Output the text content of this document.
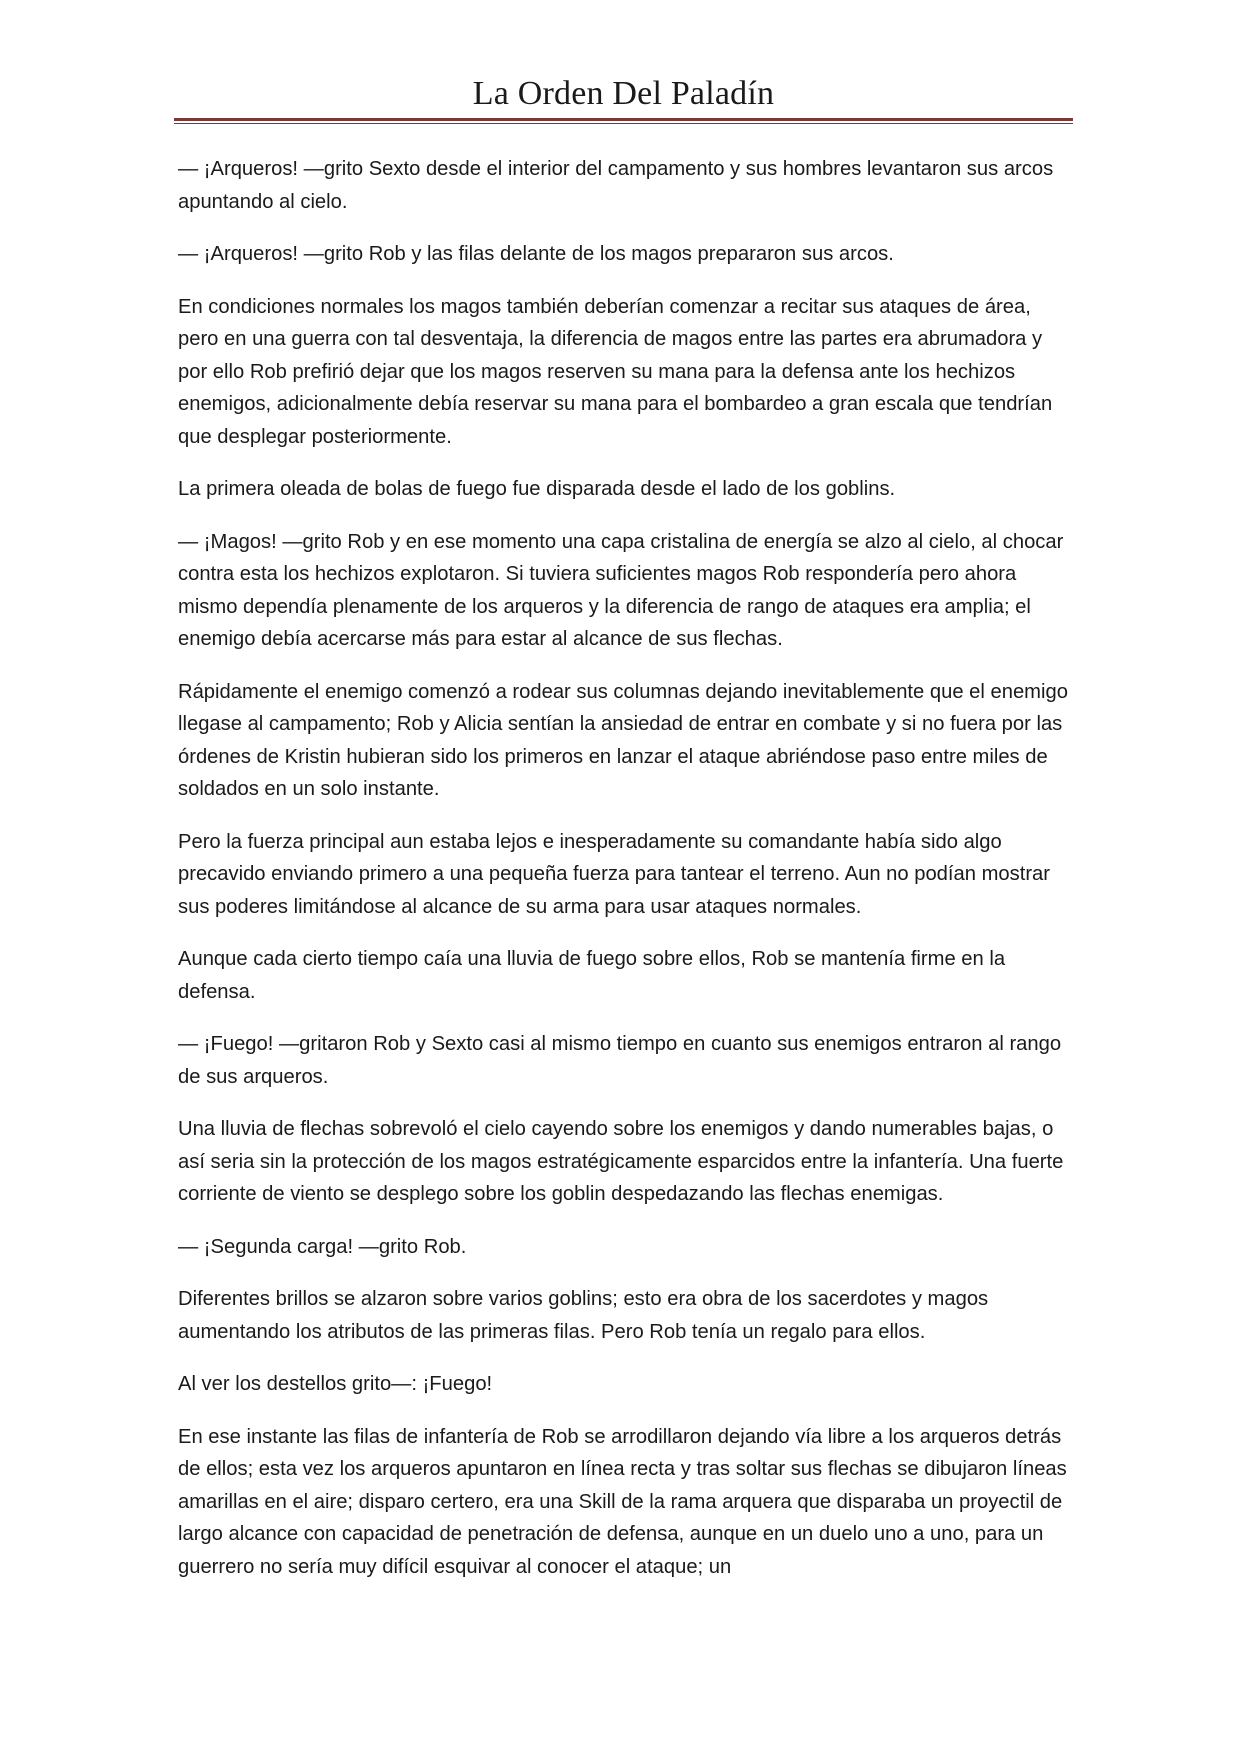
La Orden Del Paladín

— ¡Arqueros! —grito Sexto desde el interior del campamento y sus hombres levantaron sus arcos apuntando al cielo.

— ¡Arqueros! —grito Rob y las filas delante de los magos prepararon sus arcos.

En condiciones normales los magos también deberían comenzar a recitar sus ataques de área, pero en una guerra con tal desventaja, la diferencia de magos entre las partes era abrumadora y por ello Rob prefirió dejar que los magos reserven su mana para la defensa ante los hechizos enemigos, adicionalmente debía reservar su mana para el bombardeo a gran escala que tendrían que desplegar posteriormente.

La primera oleada de bolas de fuego fue disparada desde el lado de los goblins.

— ¡Magos! —grito Rob y en ese momento una capa cristalina de energía se alzo al cielo, al chocar contra esta los hechizos explotaron. Si tuviera suficientes magos Rob respondería pero ahora mismo dependía plenamente de los arqueros y la diferencia de rango de ataques era amplia; el enemigo debía acercarse más para estar al alcance de sus flechas.

Rápidamente el enemigo comenzó a rodear sus columnas dejando inevitablemente que el enemigo llegase al campamento; Rob y Alicia sentían la ansiedad de entrar en combate y si no fuera por las órdenes de Kristin hubieran sido los primeros en lanzar el ataque abriéndose paso entre miles de soldados en un solo instante.

Pero la fuerza principal aun estaba lejos e inesperadamente su comandante había sido algo precavido enviando primero a una pequeña fuerza para tantear el terreno. Aun no podían mostrar sus poderes limitándose al alcance de su arma para usar ataques normales.

Aunque cada cierto tiempo caía una lluvia de fuego sobre ellos, Rob se mantenía firme en la defensa.

— ¡Fuego! —gritaron Rob y Sexto casi al mismo tiempo en cuanto sus enemigos entraron al rango de sus arqueros.

Una lluvia de flechas sobrevoló el cielo cayendo sobre los enemigos y dando numerables bajas, o así seria sin la protección de los magos estratégicamente esparcidos entre la infantería. Una fuerte corriente de viento se desplego sobre los goblin despedazando las flechas enemigas.

— ¡Segunda carga! —grito Rob.

Diferentes brillos se alzaron sobre varios goblins; esto era obra de los sacerdotes y magos aumentando los atributos de las primeras filas. Pero Rob tenía un regalo para ellos.

Al ver los destellos grito—: ¡Fuego!

En ese instante las filas de infantería de Rob se arrodillaron dejando vía libre a los arqueros detrás de ellos; esta vez los arqueros apuntaron en línea recta y tras soltar sus flechas se dibujaron líneas amarillas en el aire; disparo certero, era una Skill de la rama arquera que disparaba un proyectil de largo alcance con capacidad de penetración de defensa, aunque en un duelo uno a uno, para un guerrero no sería muy difícil esquivar al conocer el ataque; un
